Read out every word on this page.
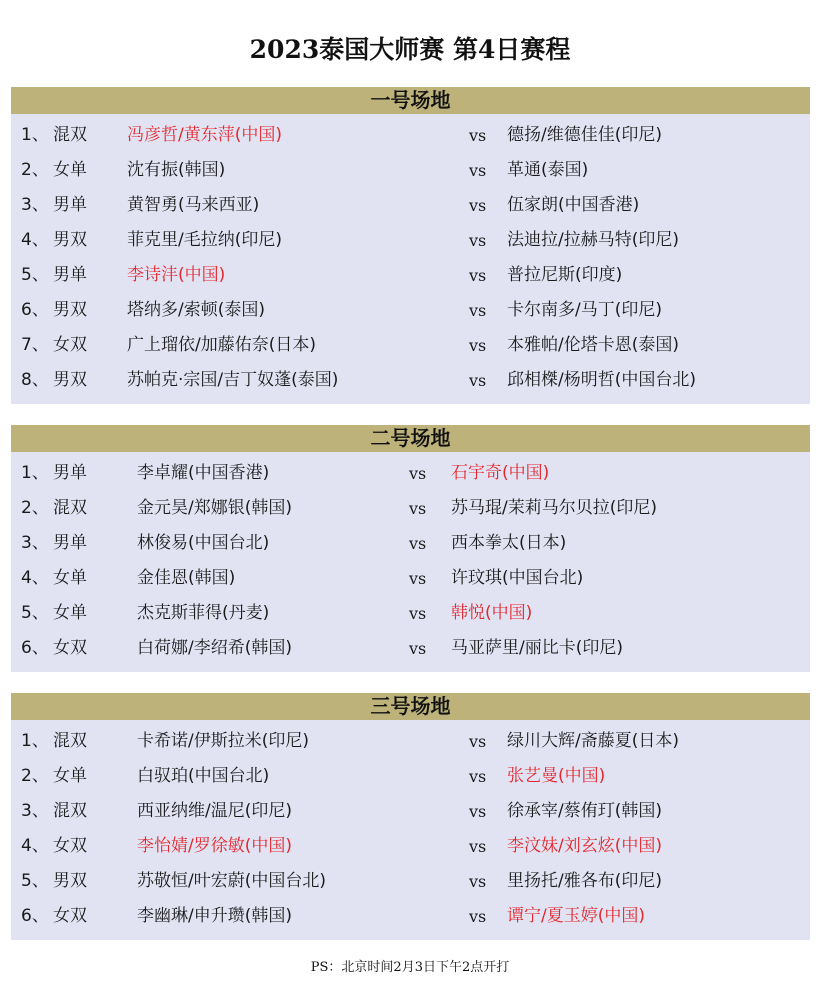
2023泰国大师赛 第4日赛程
一号场地
1、 混双 冯彦哲/黄东萍(中国)	vs 德扬/维德佳佳(印尼)
2、 女单 沈有振(韩国)	vs 革通(泰国)
3、 男单 黄智勇(马来西亚)	vs 伍家朗(中国香港)
4、 男双 菲克里/毛拉纳(印尼)	vs 法迪拉/拉赫马特(印尼)
5、 男单 李诗沣(中国)	vs 普拉尼斯(印度)
6、 男双 塔纳多/索顿(泰国)	vs 卡尔南多/马丁(印尼)
7、 女双 广上瑠依/加藤佑奈(日本)	vs 本雅帕/伦塔卡恩(泰国)
8、 男双 苏帕克·宗国/吉丁奴蓬(泰国)	vs 邱相榤/杨明哲(中国台北)
二号场地
1、 男单	李卓耀(中国香港)	vs 石宇奇(中国)
2、 混双	金元昊/郑娜银(韩国)	vs 苏马琨/茉莉马尔贝拉(印尼)
3、 男单	林俊易(中国台北)	vs 西本拳太(日本)
4、 女单	金佳恩(韩国)	vs 许玟琪(中国台北)
5、 女单	杰克斯菲得(丹麦)	vs 韩悦(中国)
6、 女双	白荷娜/李绍希(韩国)	vs 马亚萨里/丽比卡(印尼)
三号场地
1、 混双	卡希诺/伊斯拉米(印尼)	vs 绿川大辉/斋藤夏(日本)
2、 女单	白驭珀(中国台北)	vs 张艺曼(中国)
3、 混双	西亚纳维/温尼(印尼)	vs 徐承宰/蔡侑玎(韩国)
4、 女双	李怡婧/罗徐敏(中国)	vs 李汶妹/刘玄炫(中国)
5、 男双	苏敬恒/叶宏蔚(中国台北)	vs 里扬托/雅各布(印尼)
6、 女双	李幽琳/申升瓒(韩国)	vs 谭宁/夏玉婷(中国)
PS：北京时间2月3日下午2点开打
